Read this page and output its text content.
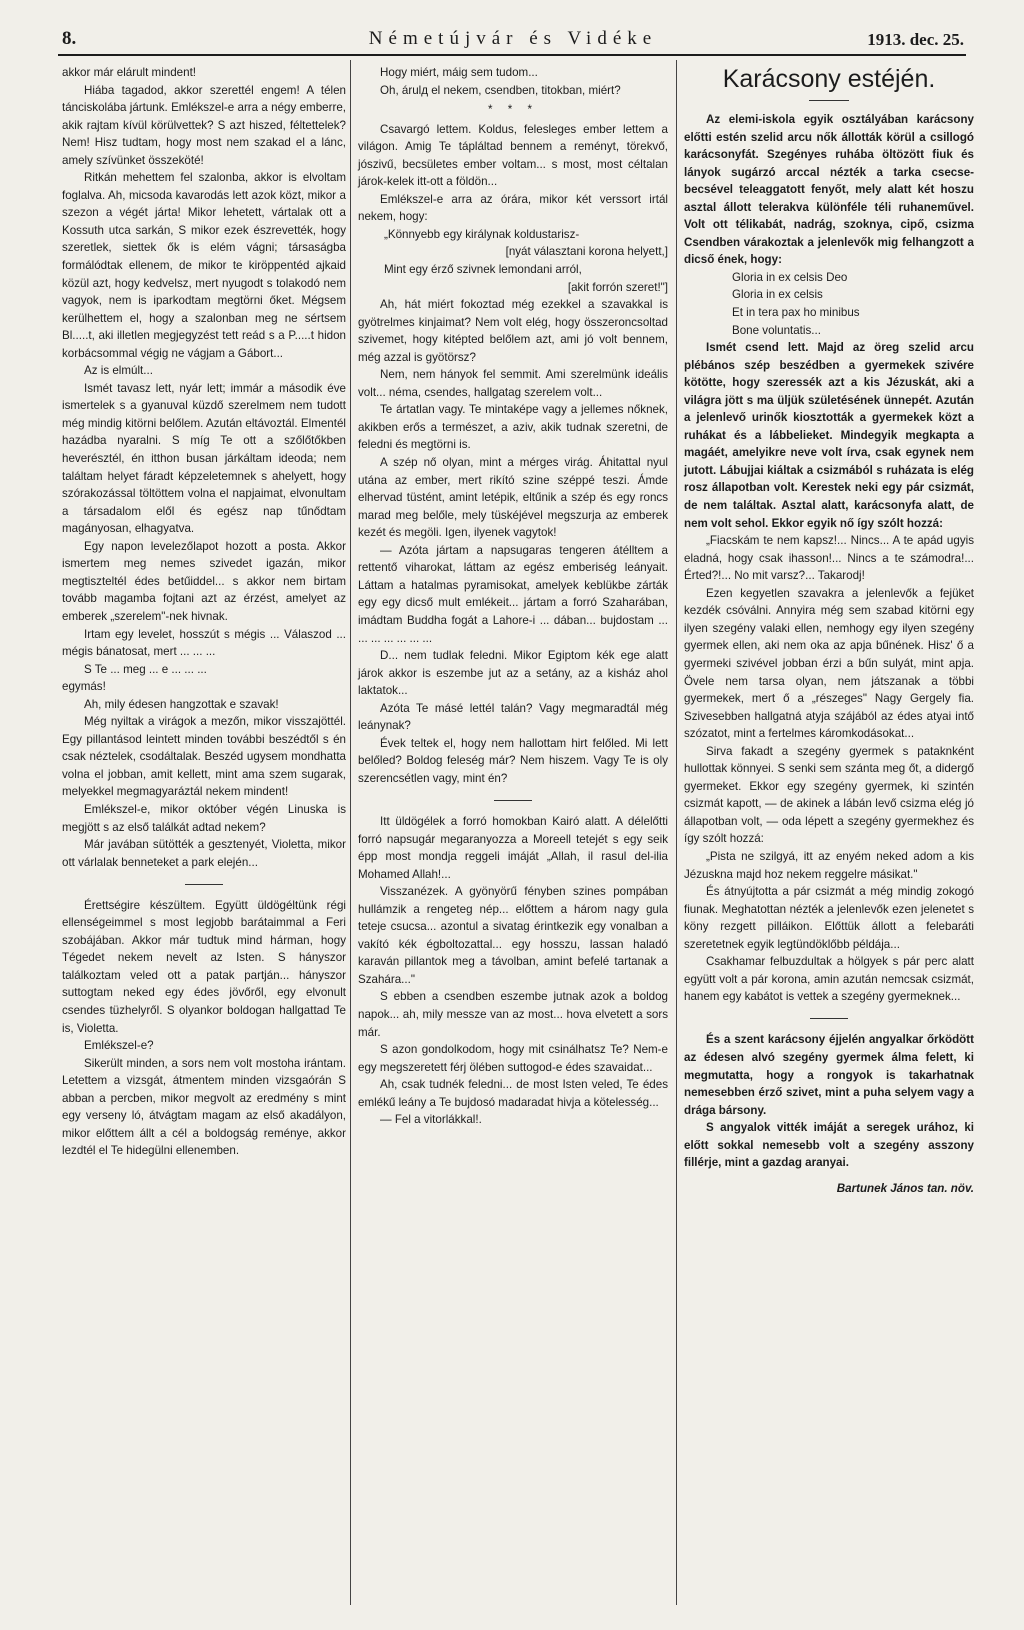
8.	Németújvár és Vidéke	1913. dec. 25.

akkor már elárult mindent!

Hiába tagadod, akkor szerettél engem! A télen tánciskolába jártunk. Emlékszel-e arra a négy emberre, akik rajtam kívül körülvettek? S azt hiszed, féltettelek? Nem! Hisz tudtam, hogy most nem szakad el a lánc, amely szívünket összeköté!

Ritkán mehettem fel szalonba, akkor is elvoltam foglalva. Ah, micsoda kavarodás lett azok közt, mikor a szezon a végét járta! Mikor lehetett, vártalak ott a Kossuth utca sarkán, S mikor ezek észrevették, hogy szeretlek, siettek ők is elém vágni; társaságba formálódtak ellenem, de mikor te kiröppentéd ajkaid közül azt, hogy kedvelsz, mert nyugodt s tolakodó nem vagyok, nem is iparkodtam megtörni őket. Mégsem kerülhettem el, hogy a szalonban meg ne sértsem Bl.....t, aki illetlen megjegyzést tett reád s a P.....t hidon korbácsommal végig ne vágjam a Gábort...

Az is elmúlt...

Ismét tavasz lett, nyár lett; immár a második éve ismertelek s a gyanuval küzdő szerelmem nem tudott még mindig kitörni belőlem. Azután eltávoztál. Elmentél hazádba nyaralni. S míg Te ott a szőlőtőkben heverésztél, én itthon busan járkáltam ideoda; nem találtam helyet fáradt képzeletemnek s ahelyett, hogy szórakozással töltöttem volna el napjaimat, elvonultam a társadalom elől és egész nap tűnődtam magányosan, elhagyatva.

Egy napon levelezőlapot hozott a posta. Akkor ismertem meg nemes szivedet igazán, mikor megtiszteltél édes betűiddel... s akkor nem birtam tovább magamba fojtani azt az érzést, amelyet az emberek „szerelem"-nek hivnak.

Irtam egy levelet, hosszút s mégis ... Válaszod ... mégis bánatosat, mert ... ... ...

S Te ... meg ... e ... ... ...

egymás!

Ah, mily édesen hangzottak e szavak!

Még nyiltak a virágok a mezőn, mikor visszajöttél. Egy pillantásod leintett minden további beszédtől s én csak néztelek, csodáltalak. Beszéd ugysem mondhatta volna el jobban, amit kellett, mint ama szem sugarak, melyekkel megmagyaráztál nekem mindent!

Emlékszel-e, mikor október végén Linuska is megjött s az első találkát adtad nekem?

Már javában sütötték a gesztenyét, Violetta, mikor ott várlalak benneteket a park elején...

Érettségire készültem. Együtt üldögéltünk régi ellenségeimmel s most legjobb barátaimmal a Feri szobájában. Akkor már tudtuk mind hárman, hogy Tégedet nekem nevelt az Isten. S hányszor találkoztam veled ott a patak partján... hányszor suttogtam neked egy édes jövőről, egy elvonult csendes tüzhelyről. S olyankor boldogan hallgattad Te is, Violetta.

Emlékszel-e?

Sikerült minden, a sors nem volt mostoha irántam. Letettem a vizsgát, átmentem minden vizsgaórán S abban a percben, mikor megvolt az eredmény s mint egy verseny ló, átvágtam magam az első akadályon, mikor előttem állt a cél a boldogság reménye, akkor lezdtél el Te hidegülni ellenemben.

Hogy miért, máig sem tudom...

Oh, árulд el nekem, csendben, titokban, miért?

* * *

Csavargó lettem. Koldus, felesleges ember lettem a világon. Amig Te tápláltad bennem a reményt, törekvő, jószivű, becsületes ember voltam... s most, most céltalan járok-kelek itt-ott a földön...

Emlékszel-e arra az órára, mikor két verssort irtál nekem, hogy:

„Könnyebb egy királynak koldustarisz-

[nyát választani korona helyett,]

Mint egy érző szivnek lemondani arról,

[akit forrón szeret!"]

Ah, hát miért fokoztad még ezekkel a szavakkal is gyötrelmes kinjaimat? Nem volt elég, hogy összeroncsoltad szivemet, hogy kitépted belőlem azt, ami jó volt bennem, még azzal is gyötörsz?

Nem, nem hányok fel semmit. Ami szerelmünk ideális volt... néma, csendes, hallgatag szerelem volt...

Te ártatlan vagy. Te mintaképe vagy a jellemes nőknek, akikben erős a természet, a aziv, akik tudnak szeretni, de feledni és megtörni is.

A szép nő olyan, mint a mérges virág. Áhitattal nyul utána az ember, mert rikító szine széppé teszi. Ámde elhervad tüstént, amint letépik, eltűnik a szép és egy roncs marad meg belőle, mely tüskéjével megszurja az emberek kezét és megöli. Igen, ilyenek vagytok!

— Azóta jártam a napsugaras tengeren átélltem a rettentő viharokat, láttam az egész emberiség leányait. Láttam a hatalmas pyramisokat, amelyek keblükbe zárták egy egy dicső mult emlékeit... jártam a forró Szaharában, imádtam Buddha fogát a Lahore-i ... dában... bujdostam ... ... ... ... ... ... ...

D... nem tudlak feledni. Mikor Egiptom kék ege alatt járok akkor is eszembe jut az a setány, az a kisház ahol laktatok...

Azóta Te másé lettél talán? Vagy megmaradtál még leánynak?

Évek teltek el, hogy nem hallottam hirt felőled. Mi lett belőled? Boldog feleség már? Nem hiszem. Vagy Te is oly szerencsétlen vagy, mint én?

Itt üldögélek a forró homokban Kairó alatt. A délelőtti forró napsugár megaranyozza a Moreell tetejét s egy seik épp most mondja reggeli imáját „Allah, il rasul del-ilia Mohamed Allah!...

Visszanézek. A gyönyörű fényben szines pompában hullámzik a rengeteg nép... előttem a három nagy gula teteje csucsa... azontul a sivatag érintkezik egy vonalban a vakító kék égboltozattal... egy hosszu, lassan haladó karaván pillantok meg a távolban, amint befelé tartanak a Szahára..."

S ebben a csendben eszembe jutnak azok a boldog napok... ah, mily messze van az most... hova elvetett a sors már.

S azon gondolkodom, hogy mit csinálhatsz Te? Nem-e egy megszeretett férj ölében suttogod-e édes szavaidat...

Ah, csak tudnék feledni... de most Isten veled, Te édes emlékű leány a Te bujdosó madaradat hivja a kötelesség...

— Fel a vitorlákkal!.

Karácsony estéjén.

Az elemi-iskola egyik osztályában karácsony előtti estén szelid arcu nők állották körül a csillogó karácsonyfát. Szegényes ruhába öltözött fiuk és lányok sugárzó arccal nézték a tarka csecse-becsével teleaggatott fenyőt, mely alatt két hoszu asztal állott telerakva különféle téli ruhaneművel. Volt ott télikabát, nadrág, szoknya, cipő, csizma Csendben várakoztak a jelenlevők mig felhangzott a dicső ének, hogy:

Gloria in ex celsis Deo

Gloria in ex celsis

Et in tera pax ho minibus

Bone voluntatis...

Ismét csend lett. Majd az öreg szelid arcu plébános szép beszédben a gyermekek szivére kötötte, hogy szeressék azt a kis Jézuskát, aki a világra jött s ma üljük születésének ünnepét. Azután a jelenlevő urinők kiosztották a gyermekek közt a ruhákat és a lábbelieket. Mindegyik megkapta a magáét, amelyikre neve volt írva, csak egynek nem jutott. Lábujjai kiáltak a csizmából s ruházata is elég rosz állapotban volt. Kerestek neki egy pár csizmát, de nem találtak. Asztal alatt, karácsonyfa alatt, de nem volt sehol. Ekkor egyik nő így szólt hozzá:

„Fiacskám te nem kapsz!... Nincs... A te apád ugyis eladná, hogy csak ihasson!... Nincs a te számodra!... Érted?!... No mit varsz?... Takarodj!

Ezen kegyetlen szavakra a jelenlevők a fejüket kezdék csóválni. Annyira még sem szabad kitörni egy ilyen szegény valaki ellen, nemhogy egy ilyen szegény gyermek ellen, aki nem oka az apja bűnének. Hisz' ő a gyermeki szivével jobban érzi a bűn sulyát, mint apja. Övele nem tarsa olyan, nem játszanak a többi gyermekek, mert ő a „részeges" Nagy Gergely fia. Szivesebben hallgatná atyja szájából az édes atyai intő szózatot, mint a fertelmes káromkodásokat...

Sirva fakadt a szegény gyermek s pataknként hullottak könnyei. S senki sem szánta meg őt, a didergő gyermeket. Ekkor egy szegény gyermek, ki szintén csizmát kapott, — de akinek a lábán levő csizma elég jó állapotban volt, — oda lépett a szegény gyermekhez és így szólt hozzá:

„Pista ne szilgyá, itt az enyém neked adom a kis Jézuskna majd hoz nekem reggelre másikat."

És átnyújtotta a pár csizmát a még mindig zokogó fiunak. Meghatottan nézték a jelenlevők ezen jelenetet s köny rezgett pilláikon. Előttük állott a felebaráti szeretetnek egyik legtündöklőbb példája...

Csakhamar felbuzdultak a hölgyek s pár perc alatt együtt volt a pár korona, amin azután nemcsak csizmát, hanem egy kabátot is vettek a szegény gyermeknek...

És a szent karácsony éjjelén angyalkar őrködött az édesen alvó szegény gyermek álma felett, ki megmutatta, hogy a rongyok is takarhatnak nemesebben érző szivet, mint a puha selyem vagy a drága bársony.

S angyalok vitték imáját a seregek urához, ki előtt sokkal nemesebb volt a szegény asszony fillérje, mint a gazdag aranyai.

Bartunek János tan. növ.
